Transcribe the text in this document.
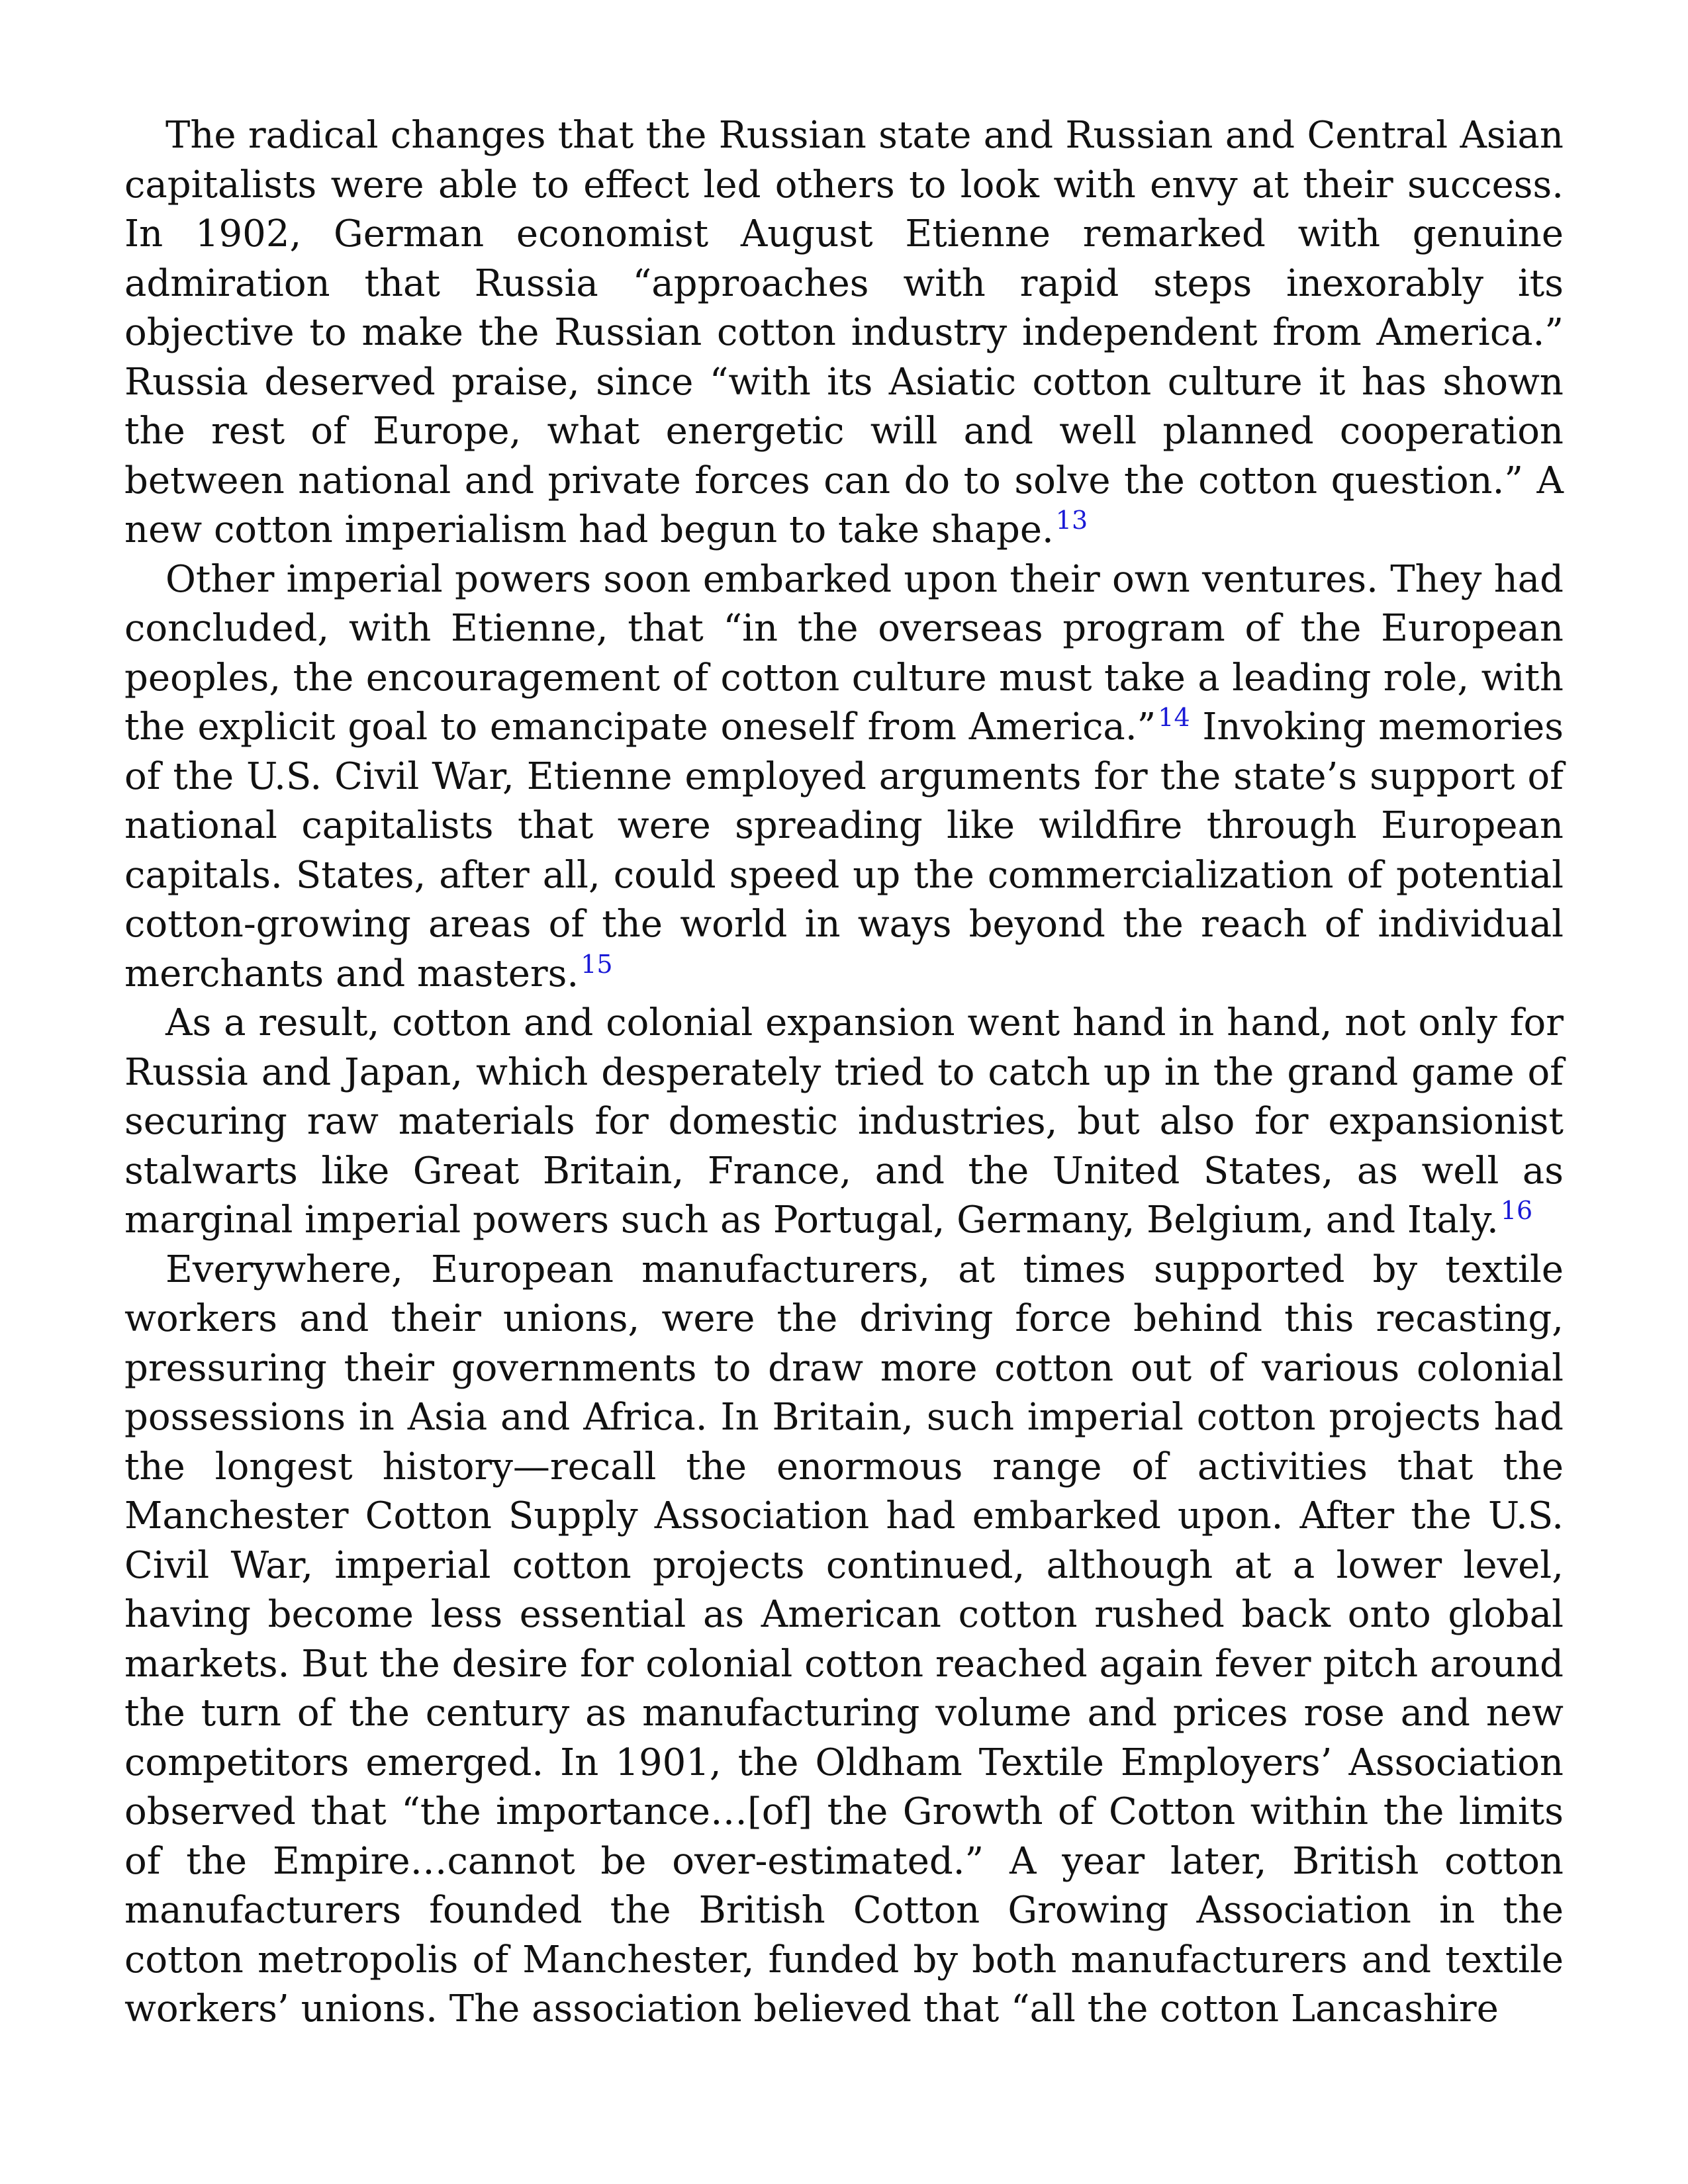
The radical changes that the Russian state and Russian and Central Asian capitalists were able to effect led others to look with envy at their success. In 1902, German economist August Etienne remarked with genuine admiration that Russia “approaches with rapid steps inexorably its objective to make the Russian cotton industry independent from America.” Russia deserved praise, since “with its Asiatic cotton culture it has shown the rest of Europe, what energetic will and well planned cooperation between national and private forces can do to solve the cotton question.” A new cotton imperialism had begun to take shape.$^{13}$

Other imperial powers soon embarked upon their own ventures. They had concluded, with Etienne, that “in the overseas program of the European peoples, the encouragement of cotton culture must take a leading role, with the explicit goal to emancipate oneself from America.”$^{14}$ Invoking memories of the U.S. Civil War, Etienne employed arguments for the state’s support of national capitalists that were spreading like wildfire through European capitals. States, after all, could speed up the commercialization of potential cotton-growing areas of the world in ways beyond the reach of individual merchants and masters.$^{15}$

As a result, cotton and colonial expansion went hand in hand, not only for Russia and Japan, which desperately tried to catch up in the grand game of securing raw materials for domestic industries, but also for expansionist stalwarts like Great Britain, France, and the United States, as well as marginal imperial powers such as Portugal, Germany, Belgium, and Italy.$^{16}$

Everywhere, European manufacturers, at times supported by textile workers and their unions, were the driving force behind this recasting, pressuring their governments to draw more cotton out of various colonial possessions in Asia and Africa. In Britain, such imperial cotton projects had the longest history—recall the enormous range of activities that the Manchester Cotton Supply Association had embarked upon. After the U.S. Civil War, imperial cotton projects continued, although at a lower level, having become less essential as American cotton rushed back onto global markets. But the desire for colonial cotton reached again fever pitch around the turn of the century as manufacturing volume and prices rose and new competitors emerged. In 1901, the Oldham Textile Employers’ Association observed that “the importance…[of] the Growth of Cotton within the limits of the Empire…cannot be over-estimated.” A year later, British cotton manufacturers founded the British Cotton Growing Association in the cotton metropolis of Manchester, funded by both manufacturers and textile workers’ unions. The association believed that “all the cotton Lancashire
